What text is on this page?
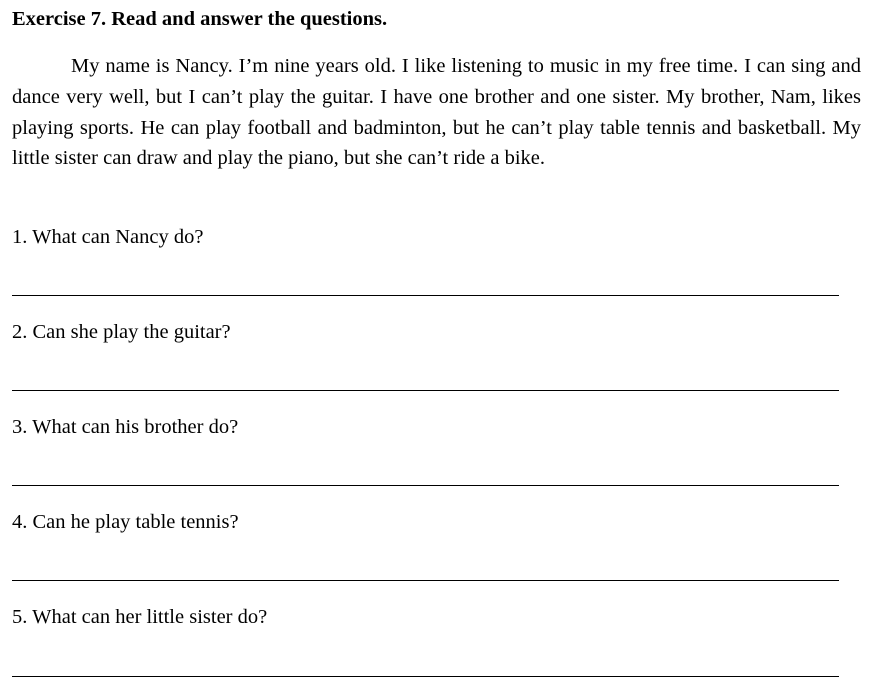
Exercise 7. Read and answer the questions.

My name is Nancy. I’m nine years old. I like listening to music in my free time. I can sing and dance very well, but I can’t play the guitar. I have one brother and one sister. My brother, Nam, likes playing sports. He can play football and badminton, but he can’t play table tennis and basketball. My little sister can draw and play the piano, but she can’t ride a bike.

1. What can Nancy do?
2. Can she play the guitar?
3. What can his brother do?
4. Can he play table tennis?
5. What can her little sister do?
